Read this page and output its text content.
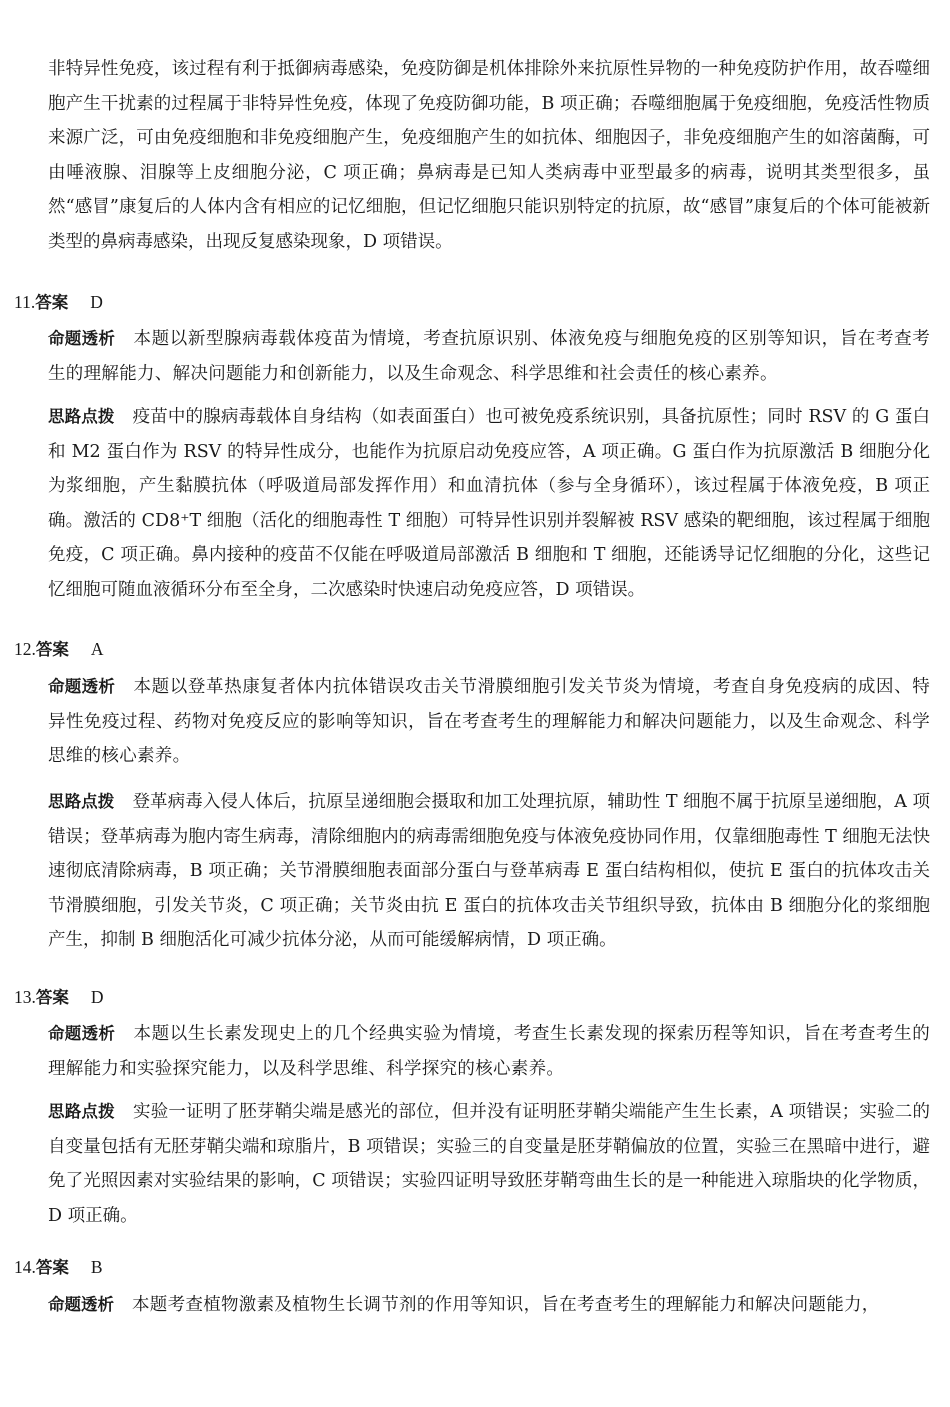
非特异性免疫，该过程有利于抵御病毒感染，免疫防御是机体排除外来抗原性异物的一种免疫防护作用，故吞噬细胞产生干扰素的过程属于非特异性免疫，体现了免疫防御功能，B 项正确；吞噬细胞属于免疫细胞，免疫活性物质来源广泛，可由免疫细胞和非免疫细胞产生，免疫细胞产生的如抗体、细胞因子，非免疫细胞产生的如溶菌酶，可由唾液腺、泪腺等上皮细胞分泌，C 项正确；鼻病毒是已知人类病毒中亚型最多的病毒，说明其类型很多，虽然“感冒”康复后的人体内含有相应的记忆细胞，但记忆细胞只能识别特定的抗原，故“感冒”康复后的个体可能被新类型的鼻病毒感染，出现反复感染现象，D 项错误。
11.答案 D
命题透析 本题以新型腺病毒载体疫苗为情境，考查抗原识别、体液免疫与细胞免疫的区别等知识，旨在考查考生的理解能力、解决问题能力和创新能力，以及生命观念、科学思维和社会责任的核心素养。
思路点拨 疫苗中的腺病毒载体自身结构（如表面蛋白）也可被免疫系统识别，具备抗原性；同时 RSV 的 G 蛋白和 M2 蛋白作为 RSV 的特异性成分，也能作为抗原启动免疫应答，A 项正确。G 蛋白作为抗原激活 B 细胞分化为浆细胞，产生黏膜抗体（呼吸道局部发挥作用）和血清抗体（参与全身循环），该过程属于体液免疫，B 项正确。激活的 CD8⁺T 细胞（活化的细胞毒性 T 细胞）可特异性识别并裂解被 RSV 感染的靶细胞，该过程属于细胞免疫，C 项正确。鼻内接种的疫苗不仅能在呼吸道局部激活 B 细胞和 T 细胞，还能诱导记忆细胞的分化，这些记忆细胞可随血液循环分布至全身，二次感染时快速启动免疫应答，D 项错误。
12.答案 A
命题透析 本题以登革热康复者体内抗体错误攻击关节滑膜细胞引发关节炎为情境，考查自身免疫病的成因、特异性免疫过程、药物对免疫反应的影响等知识，旨在考查考生的理解能力和解决问题能力，以及生命观念、科学思维的核心素养。
思路点拨 登革病毒入侵人体后，抗原呈递细胞会摄取和加工处理抗原，辅助性 T 细胞不属于抗原呈递细胞，A 项错误；登革病毒为胞内寄生病毒，清除细胞内的病毒需细胞免疫与体液免疫协同作用，仅靠细胞毒性 T 细胞无法快速彻底清除病毒，B 项正确；关节滑膜细胞表面部分蛋白与登革病毒 E 蛋白结构相似，使抗 E 蛋白的抗体攻击关节滑膜细胞，引发关节炎，C 项正确；关节炎由抗 E 蛋白的抗体攻击关节组织导致，抗体由 B 细胞分化的浆细胞产生，抑制 B 细胞活化可减少抗体分泌，从而可能缓解病情，D 项正确。
13.答案 D
命题透析 本题以生长素发现史上的几个经典实验为情境，考查生长素发现的探索历程等知识，旨在考查考生的理解能力和实验探究能力，以及科学思维、科学探究的核心素养。
思路点拨 实验一证明了胚芽鞘尖端是感光的部位，但并没有证明胚芽鞘尖端能产生生长素，A 项错误；实验二的自变量包括有无胚芽鞘尖端和琼脂片，B 项错误；实验三的自变量是胚芽鞘偏放的位置，实验三在黑暗中进行，避免了光照因素对实验结果的影响，C 项错误；实验四证明导致胚芽鞘弯曲生长的是一种能进入琼脂块的化学物质，D 项正确。
14.答案 B
命题透析 本题考查植物激素及植物生长调节剂的作用等知识，旨在考查考生的理解能力和解决问题能力，
